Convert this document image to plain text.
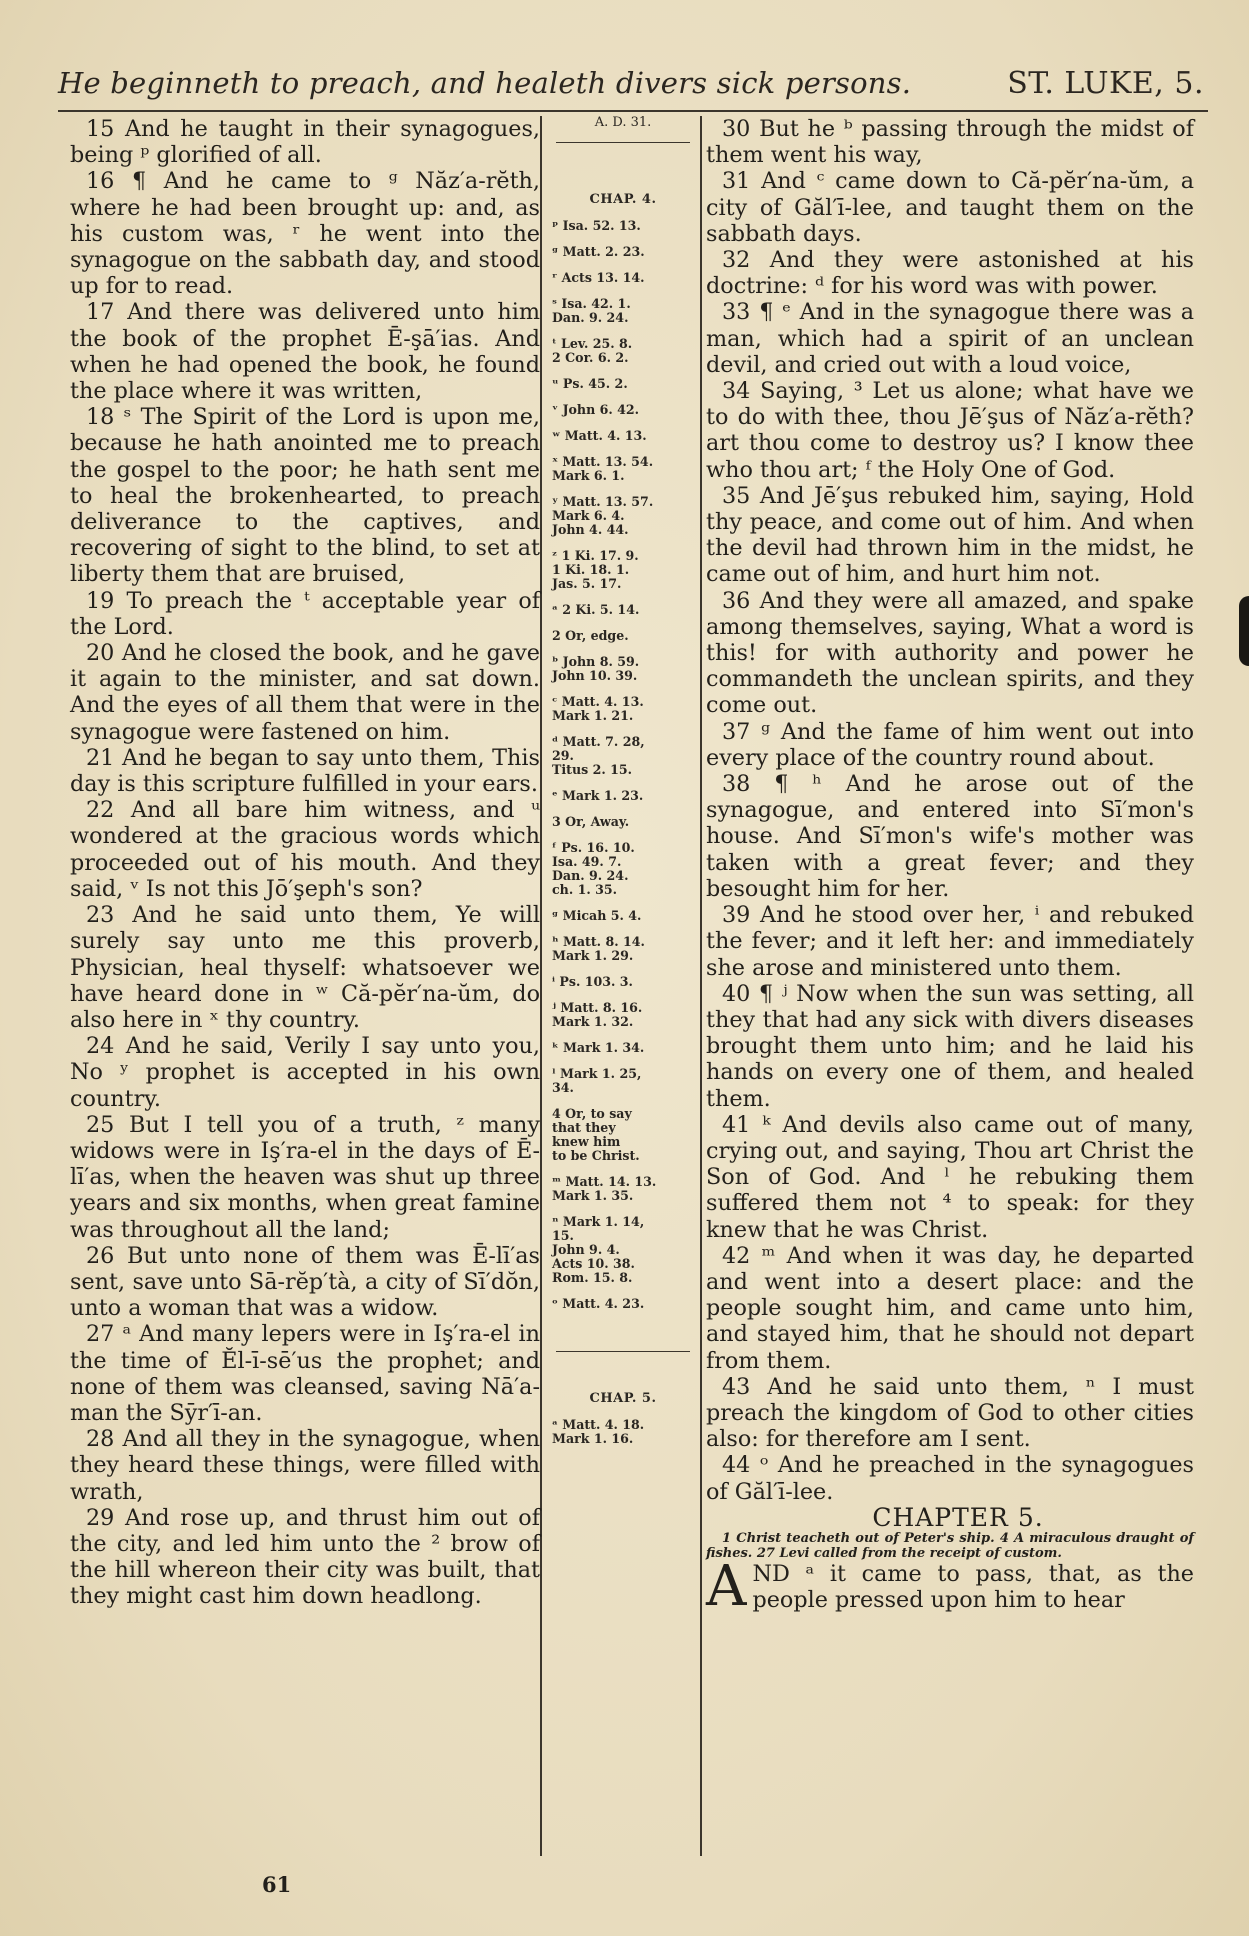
He beginneth to preach, and healeth divers sick persons.	ST. LUKE, 5.

15 And he taught in their synagogues, being ᵖ glorified of all.

16 ¶ And he came to ᵍ Năz′a-rĕth, where he had been brought up: and, as his custom was, ʳ he went into the synagogue on the sabbath day, and stood up for to read.

17 And there was delivered unto him the book of the prophet Ē-şā′ias. And when he had opened the book, he found the place where it was written,

18 ˢ The Spirit of the Lord is upon me, because he hath anointed me to preach the gospel to the poor; he hath sent me to heal the brokenhearted, to preach deliverance to the captives, and recovering of sight to the blind, to set at liberty them that are bruised,

19 To preach the ᵗ acceptable year of the Lord.

20 And he closed the book, and he gave it again to the minister, and sat down. And the eyes of all them that were in the synagogue were fastened on him.

21 And he began to say unto them, This day is this scripture fulfilled in your ears.

22 And all bare him witness, and ᵘ wondered at the gracious words which proceeded out of his mouth. And they said, ᵛ Is not this Jō′şeph's son?

23 And he said unto them, Ye will surely say unto me this proverb, Physician, heal thyself: whatsoever we have heard done in ʷ Că-pĕr′na-ŭm, do also here in ˣ thy country.

24 And he said, Verily I say unto you, No ʸ prophet is accepted in his own country.

25 But I tell you of a truth, ᶻ many widows were in Iş′ra-el in the days of Ē-lī′as, when the heaven was shut up three years and six months, when great famine was throughout all the land;

26 But unto none of them was Ē-lī′as sent, save unto Sā-rĕp′tà, a city of Sī′dŏn, unto a woman that was a widow.

27 ᵃ And many lepers were in Iş′ra-el in the time of Ĕl-ī-sē′us the prophet; and none of them was cleansed, saving Nā′a-man the Sȳr′ī-an.

28 And all they in the synagogue, when they heard these things, were filled with wrath,

29 And rose up, and thrust him out of the city, and led him unto the ² brow of the hill whereon their city was built, that they might cast him down headlong.

A. D. 31.
CHAP. 4.
ᵖ Isa. 52. 13.
ᵍ Matt. 2. 23.
ʳ Acts 13. 14.
ˢ Isa. 42. 1.
Dan. 9. 24.
ᵗ Lev. 25. 8.
2 Cor. 6. 2.
ᵘ Ps. 45. 2.
ᵛ John 6. 42.
ʷ Matt. 4. 13.
ˣ Matt. 13. 54.
Mark 6. 1.
ʸ Matt. 13. 57.
Mark 6. 4.
John 4. 44.
ᶻ 1 Ki. 17. 9.
1 Ki. 18. 1.
Jas. 5. 17.
ᵃ 2 Ki. 5. 14.
2 Or, edge.
ᵇ John 8. 59.
John 10. 39.
ᶜ Matt. 4. 13.
Mark 1. 21.
ᵈ Matt. 7. 28,
29.
Titus 2. 15.
ᵉ Mark 1. 23.
3 Or, Away.
ᶠ Ps. 16. 10.
Isa. 49. 7.
Dan. 9. 24.
ch. 1. 35.
ᵍ Micah 5. 4.
ʰ Matt. 8. 14.
Mark 1. 29.
ⁱ Ps. 103. 3.
ʲ Matt. 8. 16.
Mark 1. 32.
ᵏ Mark 1. 34.
ˡ Mark 1. 25,
34.
4 Or, to say
that they
knew him
to be Christ.
ᵐ Matt. 14. 13.
Mark 1. 35.
ⁿ Mark 1. 14,
15.
John 9. 4.
Acts 10. 38.
Rom. 15. 8.
ᵒ Matt. 4. 23.
CHAP. 5.
ᵃ Matt. 4. 18.
Mark 1. 16.

30 But he ᵇ passing through the midst of them went his way,

31 And ᶜ came down to Că-pĕr′na-ŭm, a city of Găl′ī-lee, and taught them on the sabbath days.

32 And they were astonished at his doctrine: ᵈ for his word was with power.

33 ¶ ᵉ And in the synagogue there was a man, which had a spirit of an unclean devil, and cried out with a loud voice,

34 Saying, ³ Let us alone; what have we to do with thee, thou Jē′şus of Năz′a-rĕth? art thou come to destroy us? I know thee who thou art; ᶠ the Holy One of God.

35 And Jē′şus rebuked him, saying, Hold thy peace, and come out of him. And when the devil had thrown him in the midst, he came out of him, and hurt him not.

36 And they were all amazed, and spake among themselves, saying, What a word is this! for with authority and power he commandeth the unclean spirits, and they come out.

37 ᵍ And the fame of him went out into every place of the country round about.

38 ¶ ʰ And he arose out of the synagogue, and entered into Sī′mon's house. And Sī′mon's wife's mother was taken with a great fever; and they besought him for her.

39 And he stood over her, ⁱ and rebuked the fever; and it left her: and immediately she arose and ministered unto them.

40 ¶ ʲ Now when the sun was setting, all they that had any sick with divers diseases brought them unto him; and he laid his hands on every one of them, and healed them.

41 ᵏ And devils also came out of many, crying out, and saying, Thou art Christ the Son of God. And ˡ he rebuking them suffered them not ⁴ to speak: for they knew that he was Christ.

42 ᵐ And when it was day, he departed and went into a desert place: and the people sought him, and came unto him, and stayed him, that he should not depart from them.

43 And he said unto them, ⁿ I must preach the kingdom of God to other cities also: for therefore am I sent.

44 ᵒ And he preached in the synagogues of Găl′ī-lee.

CHAPTER 5.

1 Christ teacheth out of Peter's ship. 4 A miraculous draught of fishes. 27 Levi called from the receipt of custom.

AND ᵃ it came to pass, that, as the people pressed upon him to hear

61
